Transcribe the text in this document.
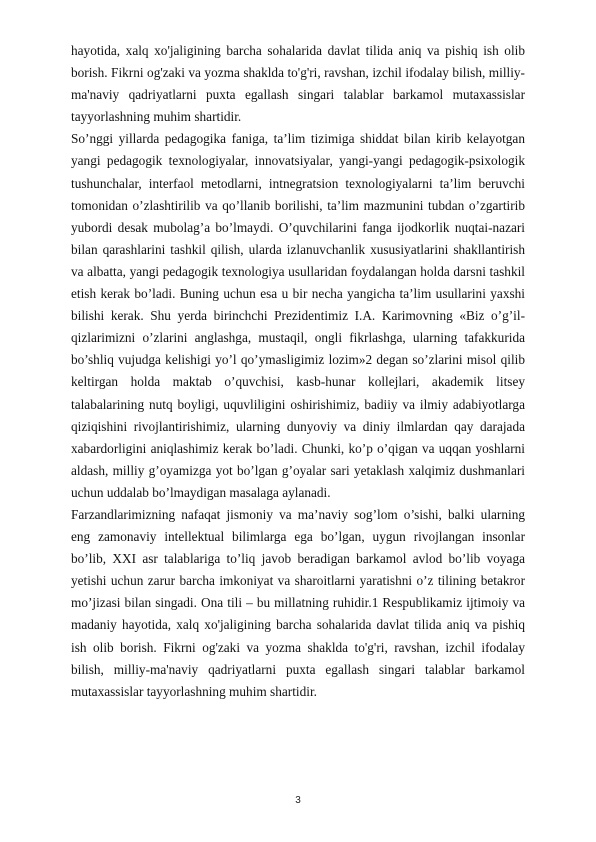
hayotida, xalq xo'jaligining barcha sohalarida davlat tilida aniq va pishiq ish olib borish. Fikrni og'zaki va yozma shaklda to'g'ri, ravshan, izchil ifodalay bilish, milliy-ma'naviy qadriyatlarni puxta egallash singari talablar barkamol mutaxassislar tayyorlashning muhim shartidir.

So’nggi yillarda pedagogika faniga, ta’lim tizimiga shiddat bilan kirib kelayotgan yangi pedagogik texnologiyalar, innovatsiyalar, yangi-yangi pedagogik-psixologik tushunchalar, interfaol metodlarni, intnegratsion texnologiyalarni ta’lim beruvchi tomonidan o’zlashtirilib va qo’llanib borilishi, ta’lim mazmunini tubdan o’zgartirib yubordi desak mubolag’a bo’lmaydi. O’quvchilarini fanga ijodkorlik nuqtai-nazari bilan qarashlarini tashkil qilish, ularda izlanuvchanlik xususiyatlarini shakllantirish va albatta, yangi pedagogik texnologiya usullaridan foydalangan holda darsni tashkil etish kerak bo’ladi. Buning uchun esa u bir necha yangicha ta’lim usullarini yaxshi bilishi kerak. Shu yerda birinchchi Prezidentimiz I.A. Karimovning «Biz o’g’il-qizlarimizni o’zlarini anglashga, mustaqil, ongli fikrlashga, ularning tafakkurida bo’shliq vujudga kelishigi yo’l qo’ymasligimiz lozim»2 degan so’zlarini misol qilib keltirgan holda maktab o’quvchisi, kasb-hunar kollejlari, akademik litsey talabalarining nutq boyligi, uquvliligini oshirishimiz, badiiy va ilmiy adabiyotlarga qiziqishini rivojlantirishimiz, ularning dunyoviy va diniy ilmlardan qay darajada xabardorligini aniqlashimiz kerak bo’ladi. Chunki, ko’p o’qigan va uqqan yoshlarni aldash, milliy g’oyamizga yot bo’lgan g’oyalar sari yetaklash xalqimiz dushmanlari uchun uddalab bo’lmaydigan masalaga aylanadi.

Farzandlarimizning nafaqat jismoniy va ma’naviy sog’lom o’sishi, balki ularning eng zamonaviy intellektual bilimlarga ega bo’lgan, uygun rivojlangan insonlar bo’lib, XXI asr talablariga to’liq javob beradigan barkamol avlod bo’lib voyaga yetishi uchun zarur barcha imkoniyat va sharoitlarni yaratishni o’z tilining betakror mo’jizasi bilan singadi. Ona tili – bu millatning ruhidir.1 Respublikamiz ijtimoiy va madaniy hayotida, xalq xo'jaligining barcha sohalarida davlat tilida aniq va pishiq ish olib borish. Fikrni og'zaki va yozma shaklda to'g'ri, ravshan, izchil ifodalay bilish, milliy-ma'naviy qadriyatlarni puxta egallash singari talablar barkamol mutaxassislar tayyorlashning muhim shartidir.

3
